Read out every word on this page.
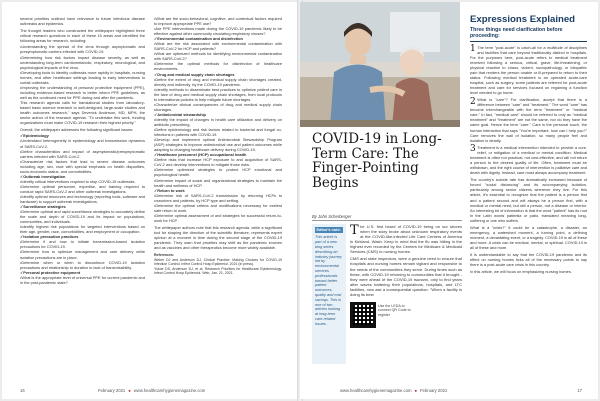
several priorities outlined have relevance to future infectious disease outbreaks and epidemics.

The thought leaders who constructed the whitepaper highlighted three critical research questions in each of these 15 areas and identified the following areas for research, including:

• Understanding the spread of the virus through asymptomatic and presymptomatic carriers infected with COVID-19.
• Determining how risk factors impact disease severity, as well as understanding long-term cardiometabolic, respiratory, neurological, and psychological impacts of the virus.
• Developing tools to identify outbreaks more rapidly in hospitals, nursing homes, and other healthcare settings leading to early interventions to curtail outbreaks.
• Improving the understanding of personal protective equipment (PPE), including evidence-based research to better inform PPE guidelines, as well as the continued need for PPE during and after the pandemic.

This research agenda calls for translational studies from laboratory-based basic science research to well-designed, large-scale studies and health outcomes research," says Deverick Anderson, MD, MPH, the senior author of the research agenda. "To undertake this work, funding organizations must make COVID-19 research their highest priority."

Overall, the whitepaper addresses the following significant issues:

✓ Epidemiology
• Understand heterogeneity in epidemiology and transmission dynamics of SARS-CoV-2.
• Define characteristics and impact of asymptomatic/presymptomatic carriers infected with SARS-CoV-2.
• Characterize risk factors that lead to severe disease outcomes including age, sex, race with special emphasis on health disparities, socio-economic status, and comorbidities.
✓ Outbreak investigation
• Identify critical interventions required to stop COVID-19 outbreaks.
• Determine optimal personnel, expertise, and training required to conduct rapid SARS-CoV-2 and other outbreak investigations.
• Identify optimal resources and technology (reporting tools, software and hardware) to support outbreak investigations.
✓ Surveillance strategies
• Determine optimal and rapid surveillance strategies to accurately define the scale and depth of COVID-19 and its impact on populations, communities, and individuals.
• Identify highest risk populations for targeted interventions based on their age, gender, race, comorbidities, and employment or occupation.
✓ Isolation precaution practices
• Determine if and how to initiate transmission-based isolation precautions for COVID-19.
• Determine how to optimize management and care delivery while isolation precautions are in place.
• Determine when or when to discontinue COVID-19 isolation precautions and relationship to duration to lack of transmissibility.
✓ Personal protective equipment
• What is the appropriate level of universal PPE for current pandemic and in the post-pandemic state?
• What are the socio-behavioral, cognitive, and contextual factors required to improve appropriate PPE use?
• Are PPE interventions made during the COVID-19 pandemic likely to be effective against other community circulating respiratory viruses?
✓ Environmental contamination and disinfection
• What are the risk associated with environmental contamination with SARS-CoV-2 for HCP and patients?
• What are optimized methods for identifying environmental contamination with SARS-CoV-2?
• Determine the optimal methods for disinfection of healthcare environments.
✓ Drug and medical supply chain shortages
• Define the extent of drug and medical supply chain shortages created, directly and indirectly, by the COVID-19 pandemic.
• Identify methods to disseminate best practices to optimize patient care in the face of drug and medical supply chain shortages, from local protocols to international policies to help mitigate future shortages.
• Characterize clinical consequences of drug and medical supply chain shortages.
✓ Antimicrobial stewardship
• Identify the impact of changes in health care utilization and delivery on antibiotic prescribing.
• Define epidemiology and risk factors related to bacterial and fungal co-infections in patients with COVID-19.
• Develop and implement optimal Antimicrobial Stewardship Program (ASP) strategies to improve antimicrobial use and patient outcomes while adapting to changing healthcare delivery during COVID-19.
✓ Healthcare personnel (HCP) occupational health
• Define risks that increase HCP exposure to and acquisition of SARS-CoV-2 and develop interventions to mitigate those risks.
• Determine optimized strategies to protect HCP emotional and psychological health.
• Determine impact of social and organizational strategies to maintain the health and wellness of HCP.
✓ Return to work
• Determine risk of SARS-CoV-2 transmission by returning HCPs to coworkers and patients, by HCP type and setting.
• Determine the optimal criteria and modifications necessary for earliest safe return to work.
• Determine optimal assessment of and strategies for successful return-to-work for HCP.

The whitepaper authors note that this research agenda, while a significant tool for shaping the direction of the scientific literature, represents expert opinion at a moment in time during the second stage of the COVID-19 pandemic. They warn that priorities may shift as the pandemic evolves and as vaccines and other therapeutics become more widely available.

References:
Weber DJ and Anderson DJ, Clinical Practice: Making Choices for COVID-19 Infection Control. Infect Control Hosp Epidemiol. 2021 (in press).
Yokoe DS, Anderson DJ, et al. Research Priorities for Healthcare Epidemiology. Infect Control Hosp Epidemiol. Web, Jan. 21, 2021.
16	February 2021 ● www.healthcarehygienemagazine.com
COVID-19 in Long-Term Care: The Finger-Pointing Begins
By John Scherberger
Editor's note:
This article is part of a new blog series describing an industry journey led by environmental services professionals toward better patient outcomes, quality and cost savings. This is one of two articles looking at long-term care-related issues.

The U.S. first heard of COVID-19 being on our shores when the story broke about unknown respiratory events at the COVID-like-infected Life Care Centers of America in Kirkland, Wash. Keep in mind that the flu was hitting in the highest ever recorded by the Centers for Medicare & Medicaid Services (CMS) to nursing homes.

CMS and state inspectors, were a genuine need to ensure that hospitals and nursing homes remain vigilant and responsive to the needs of the communities they serve. During times such as these, with COVID-19 returning to communities that it brought - they were ahead of the COVID-19 tsunami, only to find years after waves battering their populations, hospitals, and LTC facilities, now ask a consequential question: "When a facility is doing its best

Use the LEDA to connect QR Code to register
Expressions Explained
Three things need clarification before proceeding:
1 The term "post-acute" is catch-all for a multitude of disciplines and facilities that care beyond traditionally distinct in hospitals. For the purposes here, post-acute refers to medical treatment received following a serious, critical, grave, life-threatening, or physical reaction to chaos, violent, sociopathology, or idiopathic pain that renders the person unable or ill-prepared to return to their status. Following medical treatment is an operated acute-care hospital, such as surgery, some patients are referred for post-acute treatment and care for services focused on regaining a function level needed to go home.
2 What is "care"? For clarification, accept that there is a difference between "care" and "treatment." The word "care" has become interchangeable with the term "treatment" or "medical care." In fact, "medical care" should be referred to only as "medical treatment" and "treatment" are not the same, nor do they have the same goal. Hence the term "care." Care is the personal touch, the human interaction that says "You're important, how can I help you?" Care removes the wall of isolation, so many people feel and isolation is deadly.
3 Treatment is a medical intervention intended to provide a cure, relief, or mitigation of a medical or mental condition. Medical treatment is often not practical, not cost-effective, and will not return a person to the desired quality of life. Often, treatment must be withdrawn, and the right course of intervention is palliative care and death with dignity. Instead, care must always accompany treatment.

The country's suicide rate has dramatically increased because of forced "social distancing" and its accompanying isolation, particularly among senior citizens wherever they live. For this article, it's essential to recognize that the patient is a person first and a patient second and will always be a person first, with a medical or mental need, but still a person, not a disease or interior. An interesting bit of information is that the word "patient" has its root in the Latin words patientia or patio, translated meaning long-suffering or one who suffers.

What is a "crisis?" It could be a catastrophe, a disaster, an emergency, a watershed moment, a turning point, a defining moment, a devastating event, or a tragedy. COVID-19 is all of these and more. A crisis can be medical, mental, or spiritual. COVID-19 is all of these and more.

It is understandable to say that the COVID-19 pandemic and its effect on nursing homes ticks all of the necessary points to say there is a post-acute care crisis in this country.

In this article, we will focus on emphasizing nursing homes.

www.healthcarehygienemagazine.com ● February 2021	17
